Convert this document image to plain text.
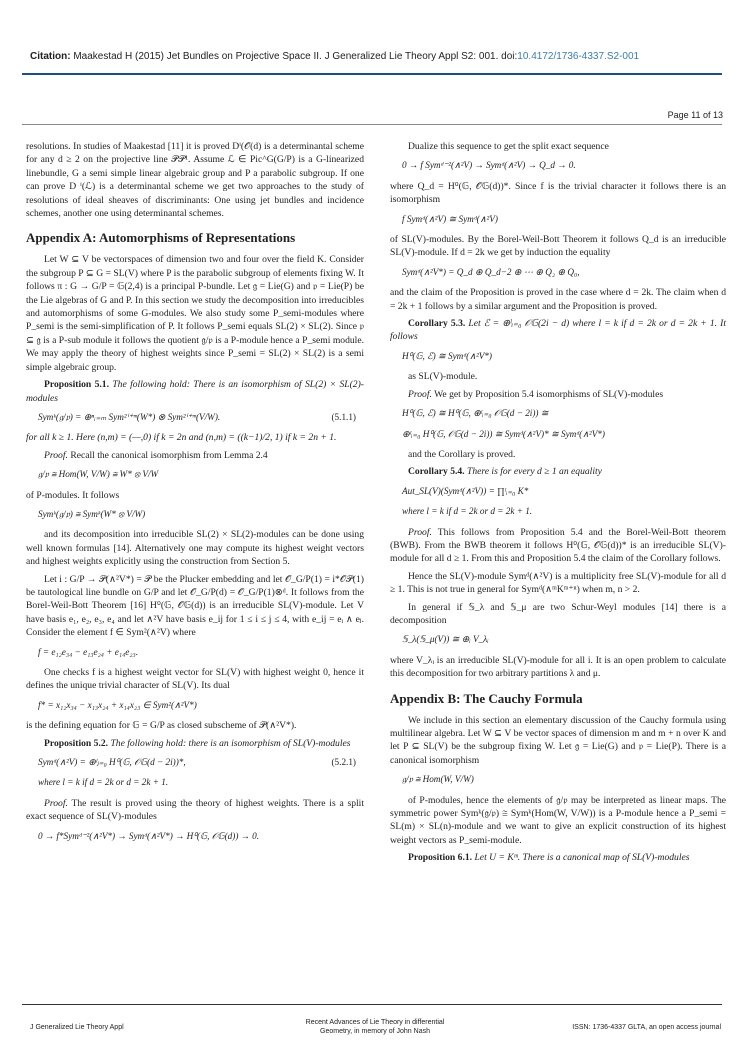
Citation: Maakestad H (2015) Jet Bundles on Projective Space II. J Generalized Lie Theory Appl S2: 001. doi:10.4172/1736-4337.S2-001
Page 11 of 13

resolutions. In studies of Maakestad [11] it is proved Dⁱ(𝒪(d) is a determinantal scheme for any d ≥ 2 on the projective line 𝒫𝒫¹. Assume ℒ ∈ Pic^G(G/P) is a G-linearized linebundle, G a semi simple linear algebraic group and P a parabolic subgroup. If one can prove D ⁱ(ℒ) is a determinantal scheme we get two approaches to the study of resolutions of ideal sheaves of discriminants: One using jet bundles and incidence schemes, another one using determinantal schemes.

Appendix A: Automorphisms of Representations

Let W ⊆ V be vectorspaces of dimension two and four over the field K. Consider the subgroup P ⊆ G = SL(V) where P is the parabolic subgroup of elements fixing W. It follows π : G → G/P = 𝔾(2,4) is a principal P-bundle. Let 𝔤 = Lie(G) and 𝔭 = Lie(P) be the Lie algebras of G and P. In this section we study the decomposition into irreducibles and automorphisms of some G-modules. We also study some P_semi-modules where P_semi is the semi-simplification of P. It follows P_semi equals SL(2) × SL(2). Since 𝔭 ⊆ 𝔤 is a P-sub module it follows the quotient 𝔤/𝔭 is a P-module hence a P_semi module. We may apply the theory of highest weights since P_semi = SL(2) × SL(2) is a semi simple algebraic group.

Proposition 5.1. The following hold: There is an isomorphism of SL(2) × SL(2)-modules

Symᵏ(𝔤/𝔭) = ⊕ⁿᵢ₌ₘ Sym²ⁱ⁺ᵐ(W*) ⊗ Sym²ⁱ⁺ᵐ(V/W).	(5.1.1)

for all k ≥ 1. Here (n,m) = (—,0) if k = 2n and (n,m) = ((k−1)/2, 1) if k = 2n + 1.

Proof. Recall the canonical isomorphism from Lemma 2.4

𝔤/𝔭 ≅ Hom(W, V/W) ≅ W* ⊗ V/W

of P-modules. It follows

Symᵏ(𝔤/𝔭) ≅ Symᵏ(W* ⊗ V/W)

and its decomposition into irreducible SL(2) × SL(2)-modules can be done using well known formulas [14]. Alternatively one may compute its highest weight vectors and highest weights explicitly using the construction from Section 5.

Let i : G/P → 𝒫(∧²V*) = 𝒫 be the Plucker embedding and let 𝒪_G/P(1) = i*𝒪𝒫(1) be tautological line bundle on G/P and let 𝒪_G/P(d) = 𝒪_G/P(1)⊗ᵈ. It follows from the Borel-Weil-Bott Theorem [16] H⁰(𝔾, 𝒪𝔾(d)) is an irreducible SL(V)-module. Let V have basis e₁, e₂, e₃, e₄ and let ∧²V have basis e_ij for 1 ≤ i ≤ j ≤ 4, with e_ij = eᵢ ∧ eⱼ. Consider the element f ∈ Sym²(∧²V) where

f = e₁₂e₃₄ − e₁₃e₂₄ + e₁₄e₂₃.

One checks f is a highest weight vector for SL(V) with highest weight 0, hence it defines the unique trivial character of SL(V). Its dual

f* = x₁₂x₃₄ − x₁₃x₂₄ + x₁₄x₂₃ ∈ Sym²(∧²V*)

is the defining equation for 𝔾 = G/P as closed subscheme of 𝒫(∧²V*).

Proposition 5.2. The following hold: there is an isomorphism of SL(V)-modules

Symᵈ(∧²V) = ⊕ˡⱼ₌₀ H⁰(𝔾, 𝒪𝔾(d − 2i))*,	(5.2.1)
where l = k if d = 2k or d = 2k + 1.

Proof. The result is proved using the theory of highest weights. There is a split exact sequence of SL(V)-modules

0 → f*Symᵈ⁻²(∧²V*) → Symᵈ(∧²V*) → H⁰(𝔾, 𝒪𝔾(d)) → 0.

Dualize this sequence to get the split exact sequence

0 → f Symᵈ⁻²(∧²V) → Symᵈ(∧²V) → Q_d → 0.

where Q_d = H⁰(𝔾, 𝒪𝔾(d))*. Since f is the trivial character it follows there is an isomorphism

f Symᵈ(∧²V) ≅ Symᵈ(∧²V)

of SL(V)-modules. By the Borel-Weil-Bott Theorem it follows Q_d is an irreducible SL(V)-module. If d = 2k we get by induction the equality

Symᵈ(∧²V*) = Q_d ⊕ Q_d−2 ⊕ ⋯ ⊕ Q₂ ⊕ Q₀,

and the claim of the Proposition is proved in the case where d = 2k. The claim when d = 2k + 1 follows by a similar argument and the Proposition is proved.

Corollary 5.3. Let ℰ = ⊕ˡᵢ₌₀ 𝒪𝔾(2i − d) where l = k if d = 2k or d = 2k + 1. It follows

H⁰(𝔾, ℰ) ≅ Symᵈ(∧²V*)

as SL(V)-module.

Proof. We get by Proposition 5.4 isomorphisms of SL(V)-modules

H⁰(𝔾, ℰ) ≅ H⁰(𝔾, ⊕ˡᵢ₌₀ 𝒪𝔾(d − 2i)) ≅
⊕ˡᵢ₌₀ H⁰(𝔾, 𝒪𝔾(d − 2i)) ≅ Symᵈ(∧²V)* ≅ Symᵈ(∧²V*)

and the Corollary is proved.

Corollary 5.4. There is for every d ≥ 1 an equality

Aut_SL(V)(Symᵈ(∧²V)) = ∏ˡᵢ₌₀ K*
where l = k if d = 2k or d = 2k + 1.

Proof. This follows from Proposition 5.4 and the Borel-Weil-Bott theorem (BWB). From the BWB theorem it follows H⁰(𝔾, 𝒪𝔾(d))* is an irreducible SL(V)-module for all d ≥ 1. From this and Proposition 5.4 the claim of the Corollary follows.

Hence the SL(V)-module Symᵈ(∧²V) is a multiplicity free SL(V)-module for all d ≥ 1. This is not true in general for Symᵈ(∧ᵐKᵐ⁺ⁿ) when m, n > 2.

In general if 𝕊_λ and 𝕊_μ are two Schur-Weyl modules [14] there is a decomposition

𝕊_λ(𝕊_μ(V)) ≅ ⊕ᵢ V_λᵢ

where V_λᵢ is an irreducible SL(V)-module for all i. It is an open problem to calculate this decomposition for two arbitrary partitions λ and μ.

Appendix B: The Cauchy Formula

We include in this section an elementary discussion of the Cauchy formula using multilinear algebra. Let W ⊆ V be vector spaces of dimension m and m + n over K and let P ⊆ SL(V) be the subgroup fixing W. Let 𝔤 = Lie(G) and 𝔭 = Lie(P). There is a canonical isomorphism

𝔤/𝔭 ≅ Hom(W, V/W)

of P-modules, hence the elements of 𝔤/𝔭 may be interpreted as linear maps. The symmetric power Symᵏ(𝔤/𝔭) ≅ Symᵏ(Hom(W, V/W)) is a P-module hence a P_semi = SL(m) × SL(n)-module and we want to give an explicit construction of its highest weight vectors as P_semi-module.

Proposition 6.1. Let U = Kᵐ. There is a canonical map of SL(V)-modules

J Generalized Lie Theory Appl
Recent Advances of Lie Theory in differential Geometry, in memory of John Nash
ISSN: 1736-4337 GLTA, an open access journal
